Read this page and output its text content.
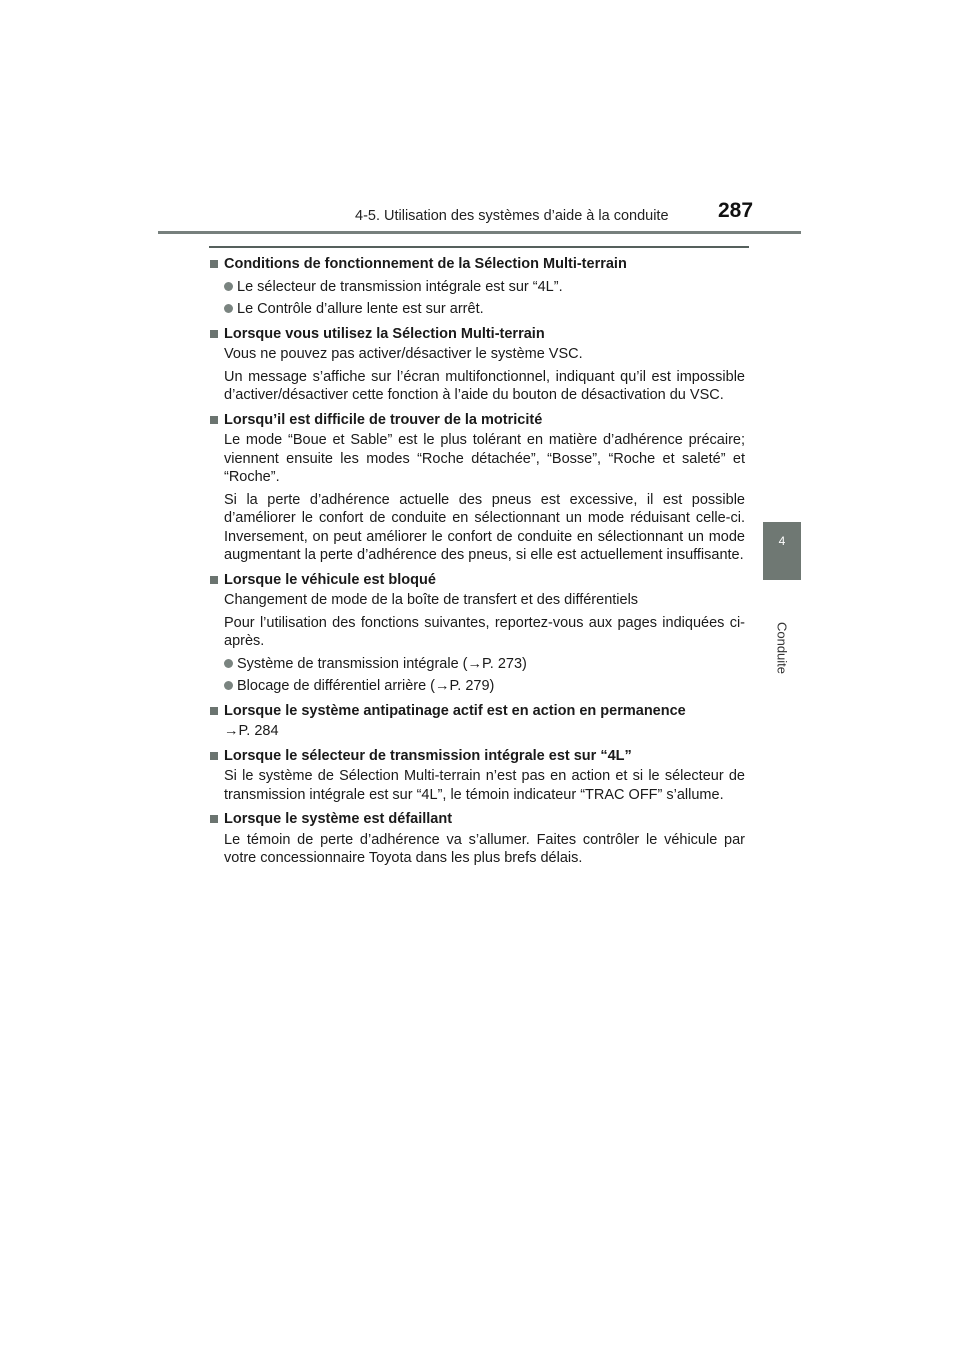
4-5. Utilisation des systèmes d’aide à la conduite 287
4
Conduite
Conditions de fonctionnement de la Sélection Multi-terrain
Le sélecteur de transmission intégrale est sur “4L”.
Le Contrôle d’allure lente est sur arrêt.
Lorsque vous utilisez la Sélection Multi-terrain
Vous ne pouvez pas activer/désactiver le système VSC.
Un message s’affiche sur l’écran multifonctionnel, indiquant qu’il est impossible d’activer/désactiver cette fonction à l’aide du bouton de désactivation du VSC.
Lorsqu’il est difficile de trouver de la motricité
Le mode “Boue et Sable” est le plus tolérant en matière d’adhérence précaire; viennent ensuite les modes “Roche détachée”, “Bosse”, “Roche et saleté” et “Roche”.
Si la perte d’adhérence actuelle des pneus est excessive, il est possible d’améliorer le confort de conduite en sélectionnant un mode réduisant celle-ci. Inversement, on peut améliorer le confort de conduite en sélectionnant un mode augmentant la perte d’adhérence des pneus, si elle est actuellement insuffisante.
Lorsque le véhicule est bloqué
Changement de mode de la boîte de transfert et des différentiels
Pour l’utilisation des fonctions suivantes, reportez-vous aux pages indiquées ci-après.
Système de transmission intégrale (→P. 273)
Blocage de différentiel arrière (→P. 279)
Lorsque le système antipatinage actif est en action en permanence
→P. 284
Lorsque le sélecteur de transmission intégrale est sur “4L”
Si le système de Sélection Multi-terrain n’est pas en action et si le sélecteur de transmission intégrale est sur “4L”, le témoin indicateur “TRAC OFF” s’allume.
Lorsque le système est défaillant
Le témoin de perte d’adhérence va s’allumer. Faites contrôler le véhicule par votre concessionnaire Toyota dans les plus brefs délais.
